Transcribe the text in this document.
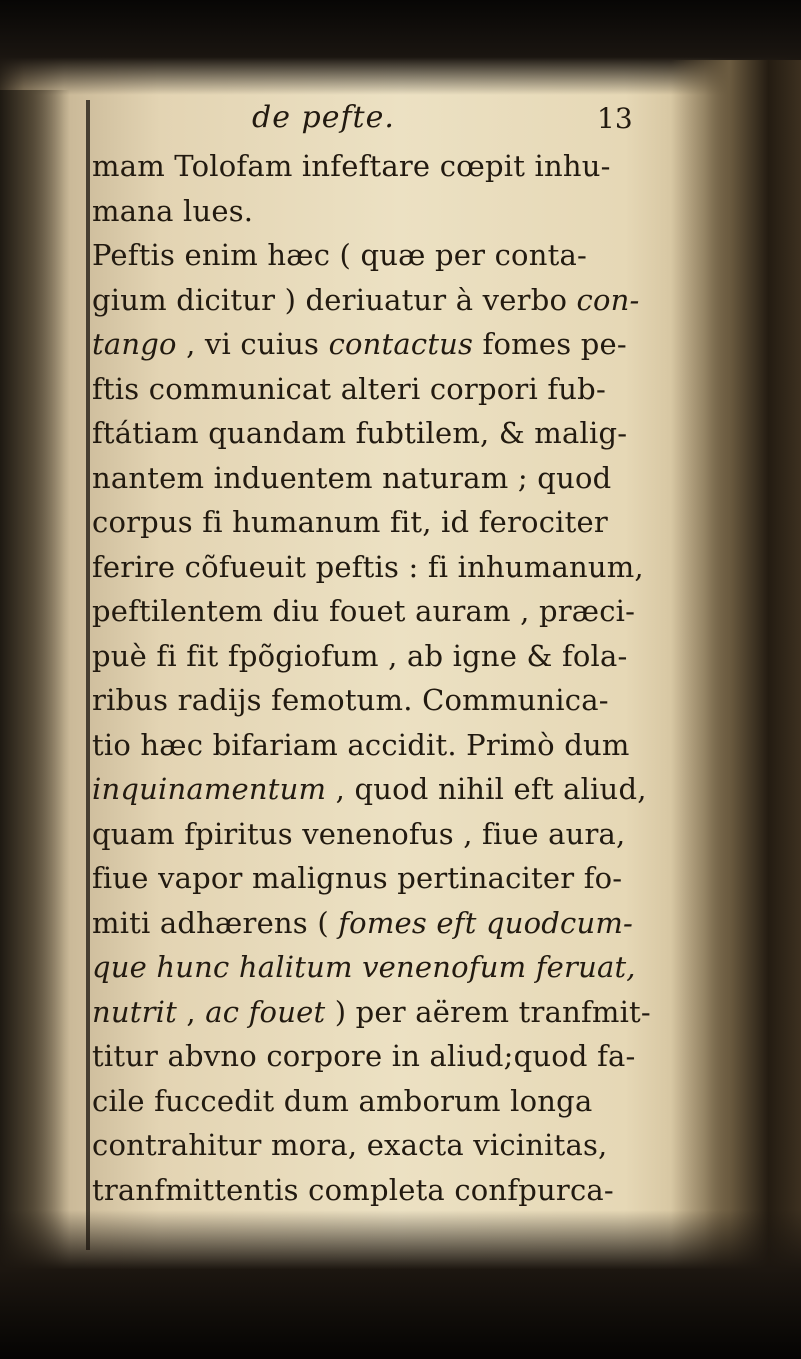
de pefte.	13
mam Tolofam infeftare cœpit inhu-
mana lues.
Peftis enim hæc ( quæ per conta-
gium dicitur ) deriuatur à verbo con-
tango , vi cuius contactus fomes pe-
ftis communicat alteri corpori fub-
ftátiam quandam fubtilem, & malig-
nantem induentem naturam ; quod
corpus fi humanum fit, id ferociter
ferire cõfueuit peftis : fi inhumanum,
peftilentem diu fouet auram , præci-
puè fi fit fpõgiofum , ab igne & fola-
ribus radijs femotum. Communica-
tio hæc bifariam accidit. Primò dum
inquinamentum , quod nihil eft aliud,
quam fpiritus venenofus , fiue aura,
fiue vapor malignus pertinaciter fo-
miti adhærens ( fomes eft quodcum-
que hunc halitum venenofum feruat,
nutrit , ac fouet ) per aërem tranfmit-
titur abvno corpore in aliud;quod fa-
cile fuccedit dum amborum longa
contrahitur mora, exacta vicinitas,
tranfmittentis completa confpurca-
